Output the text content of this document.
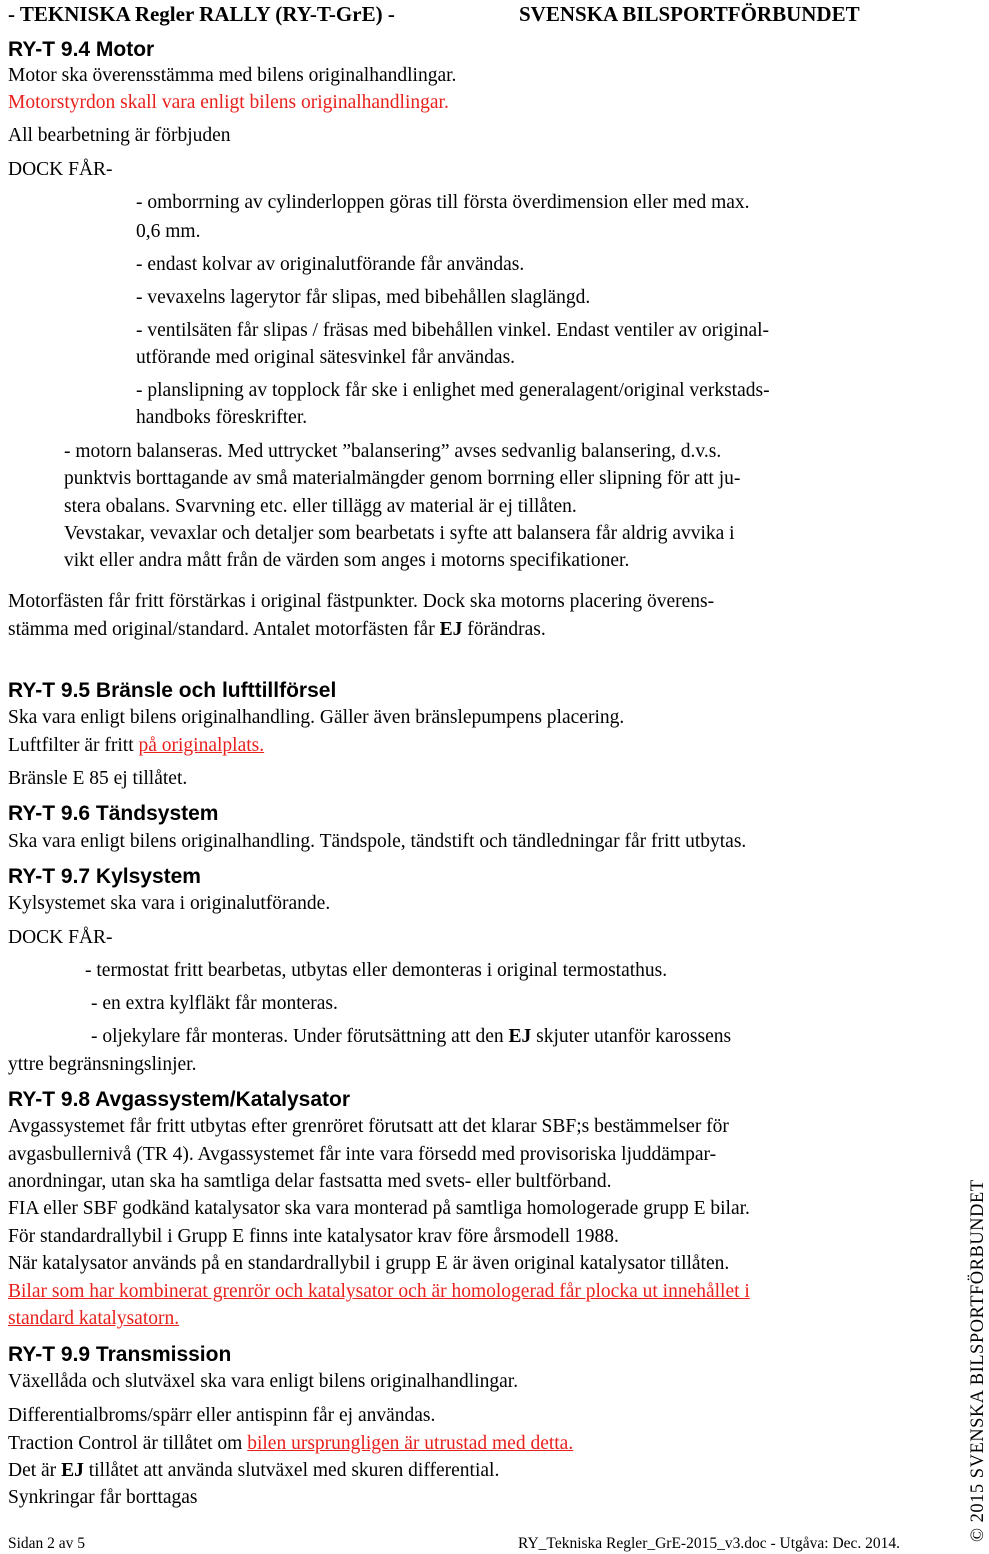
- TEKNISKA Regler RALLY (RY-T-GrE) -	SVENSKA BILSPORTFÖRBUNDET
RY-T 9.4 Motor
Motor ska överensstämma med bilens originalhandlingar.
Motorstyrdon skall vara enligt bilens originalhandlingar.
All bearbetning är förbjuden
DOCK FÅR-
- omborrning av cylinderloppen göras till första överdimension eller med max.
0,6 mm.
- endast kolvar av originalutförande får användas.
- vevaxelns lagerytor får slipas, med bibehållen slaglängd.
- ventilsäten får slipas / fräsas med bibehållen vinkel. Endast ventiler av original-
utförande med original sätesvinkel får användas.
- planslipning av topplock får ske i enlighet med generalagent/original verkstads-
handboks föreskrifter.
- motorn balanseras. Med uttrycket ”balansering” avses sedvanlig balansering, d.v.s.
punktvis borttagande av små materialmängder genom borrning eller slipning för att ju-
stera obalans. Svarvning etc. eller tillägg av material är ej tillåten.
Vevstakar, vevaxlar och detaljer som bearbetats i syfte att balansera får aldrig avvika i
vikt eller andra mått från de värden som anges i motorns specifikationer.
Motorfästen får fritt förstärkas i original fästpunkter. Dock ska motorns placering överens-
stämma med original/standard. Antalet motorfästen får EJ förändras.
RY-T 9.5 Bränsle och lufttillförsel
Ska vara enligt bilens originalhandling. Gäller även bränslepumpens placering.
Luftfilter är fritt på originalplats.
Bränsle E 85 ej tillåtet.
RY-T 9.6 Tändsystem
Ska vara enligt bilens originalhandling. Tändspole, tändstift och tändledningar får fritt utbytas.
RY-T 9.7 Kylsystem
Kylsystemet ska vara i originalutförande.
DOCK FÅR-
- termostat fritt bearbetas, utbytas eller demonteras i original termostathus.
- en extra kylfläkt får monteras.
- oljekylare får monteras. Under förutsättning att den EJ skjuter utanför karossens
yttre begränsningslinjer.
RY-T 9.8 Avgassystem/Katalysator
Avgassystemet får fritt utbytas efter grenröret förutsatt att det klarar SBF;s bestämmelser för
avgasbullernivå (TR 4). Avgassystemet får inte vara försedd med provisoriska ljuddämpar-
anordningar, utan ska ha samtliga delar fastsatta med svets- eller bultförband.
FIA eller SBF godkänd katalysator ska vara monterad på samtliga homologerade grupp E bilar.
För standardrallybil i Grupp E finns inte katalysator krav före årsmodell 1988.
När katalysator används på en standardrallybil i grupp E är även original katalysator tillåten.
Bilar som har kombinerat grenrör och katalysator och är homologerad får plocka ut innehållet i
standard katalysatorn.
RY-T 9.9 Transmission
Växellåda och slutväxel ska vara enligt bilens originalhandlingar.
Differentialbroms/spärr eller antispinn får ej användas.
Traction Control är tillåtet om bilen ursprungligen är utrustad med detta.
Det är EJ tillåtet att använda slutväxel med skuren differential.
Synkringar får borttagas	© 2015 SVENSKA BILSPORTFÖRBUNDET
Sidan 2 av 5	RY_Tekniska Regler_GrE-2015_v3.doc - Utgåva: Dec. 2014.
